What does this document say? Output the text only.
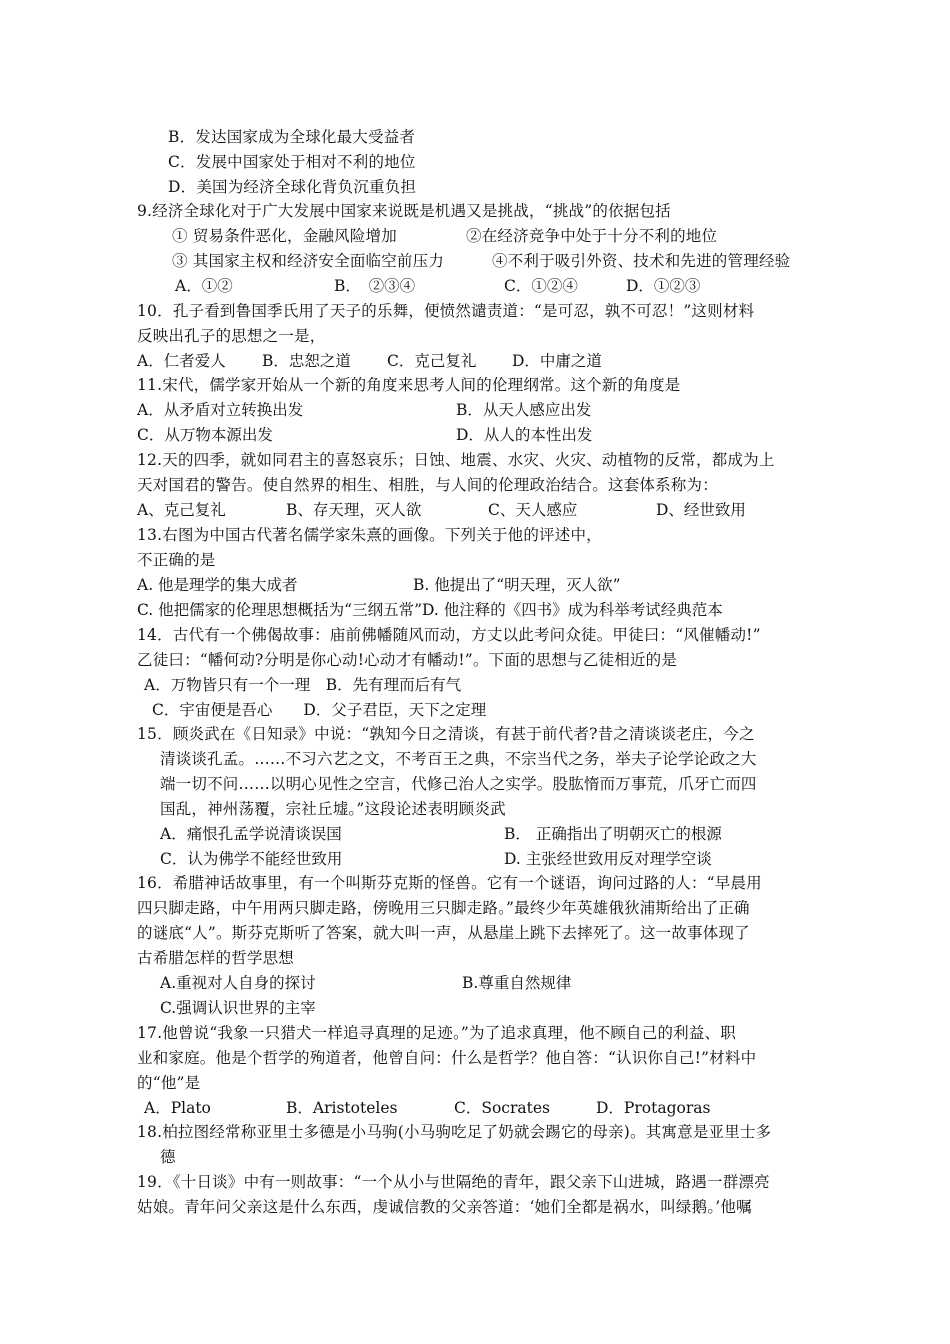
B．发达国家成为全球化最大受益者
C．发展中国家处于相对不利的地位
D．美国为经济全球化背负沉重负担
9.经济全球化对于广大发展中国家来说既是机遇又是挑战，“挑战”的依据包括
① 贸易条件恶化，金融风险增加	②在经济竞争中处于十分不利的地位
③ 其国家主权和经济安全面临空前压力	④不利于吸引外资、技术和先进的管理经验
A．①②	B．　②③④	C．①②④	D．①②③
10．孔子看到鲁国季氏用了天子的乐舞，便愤然谴责道：“是可忍，孰不可忍！”这则材料
反映出孔子的思想之一是，
A．仁者爱人 B．忠恕之道 C．克己复礼 D．中庸之道
11.宋代，儒学家开始从一个新的角度来思考人间的伦理纲常。这个新的角度是
A．从矛盾对立转换出发	B．从天人感应出发
C．从万物本源出发	D．从人的本性出发
12.天的四季，就如同君主的喜怒哀乐；日蚀、地震、水灾、火灾、动植物的反常，都成为上
天对国君的警告。使自然界的相生、相胜，与人间的伦理政治结合。这套体系称为：
A、克己复礼	B、存天理，灭人欲	C、天人感应	D、经世致用
13.右图为中国古代著名儒学家朱熹的画像。下列关于他的评述中，
不正确的是
A. 他是理学的集大成者	B. 他提出了“明天理，灭人欲”
C. 他把儒家的伦理思想概括为“三纲五常”D. 他注释的《四书》成为科举考试经典范本
14．古代有一个佛偈故事：庙前佛幡随风而动，方丈以此考问众徒。甲徒曰：“风催幡动!”
乙徒曰：“幡何动?分明是你心动!心动才有幡动!”。下面的思想与乙徒相近的是
A．万物皆只有一个一理　B．先有理而后有气
C．宇宙便是吾心　　D．父子君臣，天下之定理
15．顾炎武在《日知录》中说：“孰知今日之清谈，有甚于前代者?昔之清谈谈老庄，今之
清谈谈孔孟。……不习六艺之文，不考百王之典，不宗当代之务，举夫子论学论政之大
端一切不问……以明心见性之空言，代修己治人之实学。股肱惰而万事荒，爪牙亡而四
国乱，神州荡覆，宗社丘墟。”这段论述表明顾炎武
A．痛恨孔孟学说清谈误国	B． 正确指出了明朝灭亡的根源
C．认为佛学不能经世致用	D. 主张经世致用反对理学空谈
16．希腊神话故事里，有一个叫斯芬克斯的怪兽。它有一个谜语，询问过路的人：“早晨用
四只脚走路，中午用两只脚走路，傍晚用三只脚走路。”最终少年英雄俄狄浦斯给出了正确
的谜底“人”。斯芬克斯听了答案，就大叫一声，从悬崖上跳下去摔死了。这一故事体现了
古希腊怎样的哲学思想
A.重视对人自身的探讨	B.尊重自然规律
C.强调认识世界的主宰
17.他曾说“我象一只猎犬一样追寻真理的足迹。”为了追求真理，他不顾自己的利益、职
业和家庭。他是个哲学的殉道者，他曾自问：什么是哲学？他自答：“认识你自己!”材料中
的“他”是
A．Plato	B．Aristoteles	C．Socrates	D．Protagoras
18.柏拉图经常称亚里士多德是小马驹(小马驹吃足了奶就会踢它的母亲)。其寓意是亚里士多
德
19．《十日谈》中有一则故事：“一个从小与世隔绝的青年，跟父亲下山进城，路遇一群漂亮
姑娘。青年问父亲这是什么东西，虔诚信教的父亲答道：‘她们全都是祸水，叫绿鹅。’他嘱
